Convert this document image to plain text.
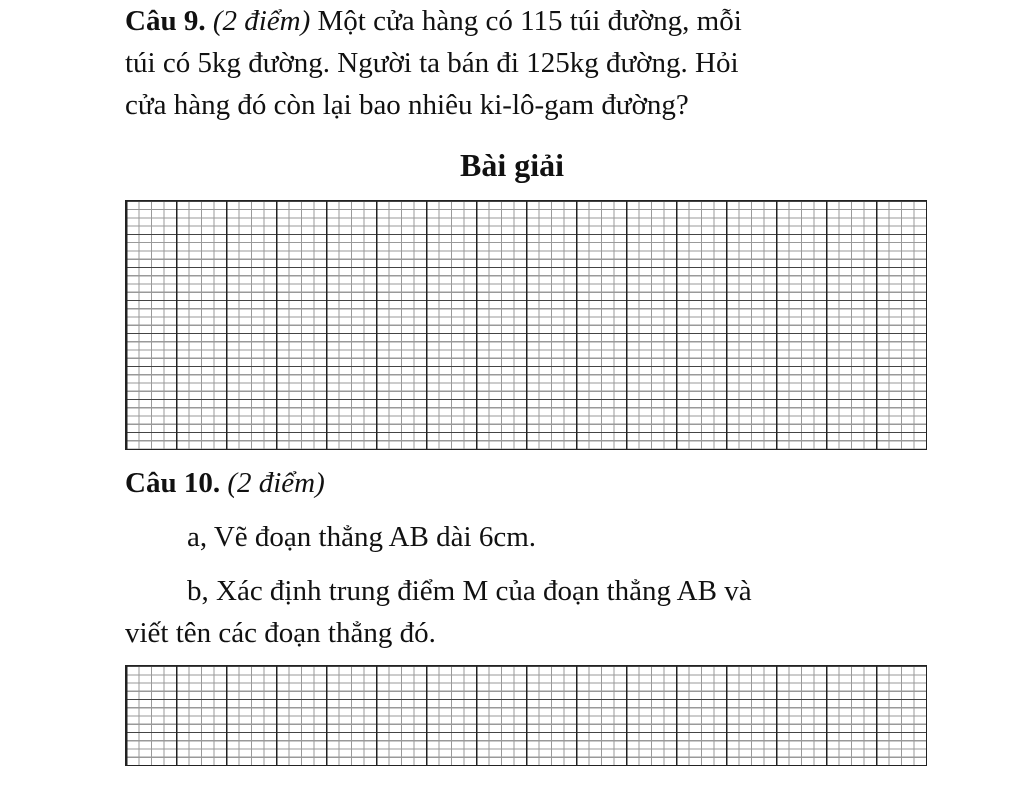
Câu 9. (2 điểm) Một cửa hàng có 115 túi đường, mỗi
túi có 5kg đường. Người ta bán đi 125kg đường. Hỏi
cửa hàng đó còn lại bao nhiêu ki-lô-gam đường?
Bài giải
Câu 10. (2 điểm)
a, Vẽ đoạn thẳng AB dài 6cm.
b, Xác định trung điểm M của đoạn thẳng AB và
viết tên các đoạn thẳng đó.
